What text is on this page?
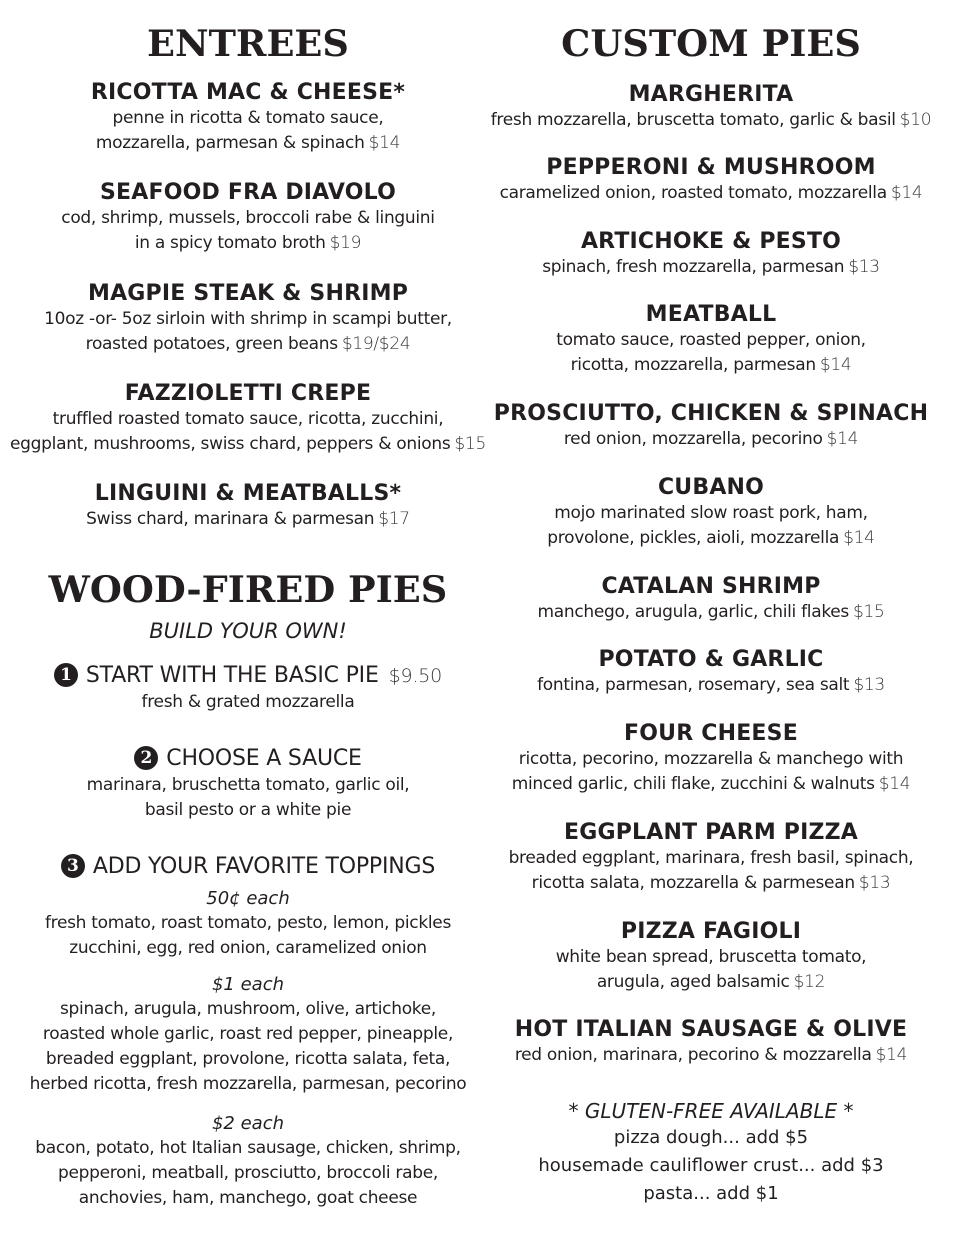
ENTREES
RICOTTA MAC & CHEESE*
penne in ricotta & tomato sauce,
mozzarella, parmesan & spinach $14
SEAFOOD FRA DIAVOLO
cod, shrimp, mussels, broccoli rabe & linguini
in a spicy tomato broth $19
MAGPIE STEAK & SHRIMP
10oz -or- 5oz sirloin with shrimp in scampi butter,
roasted potatoes, green beans $19/$24
FAZZIOLETTI CREPE
truffled roasted tomato sauce, ricotta, zucchini,
eggplant, mushrooms, swiss chard, peppers & onions $15
LINGUINI & MEATBALLS*
Swiss chard, marinara & parmesan $17
WOOD-FIRED PIES
BUILD YOUR OWN!
1 START WITH THE BASIC PIE $9.50
fresh & grated mozzarella
2 CHOOSE A SAUCE
marinara, bruschetta tomato, garlic oil,
basil pesto or a white pie
3 ADD YOUR FAVORITE TOPPINGS
50¢ each
fresh tomato, roast tomato, pesto, lemon, pickles
zucchini, egg, red onion, caramelized onion
$1 each
spinach, arugula, mushroom, olive, artichoke,
roasted whole garlic, roast red pepper, pineapple,
breaded eggplant, provolone, ricotta salata, feta,
herbed ricotta, fresh mozzarella, parmesan, pecorino
$2 each
bacon, potato, hot Italian sausage, chicken, shrimp,
pepperoni, meatball, prosciutto, broccoli rabe,
anchovies, ham, manchego, goat cheese
CUSTOM PIES
MARGHERITA
fresh mozzarella, bruscetta tomato, garlic & basil $10
PEPPERONI & MUSHROOM
caramelized onion, roasted tomato, mozzarella $14
ARTICHOKE & PESTO
spinach, fresh mozzarella, parmesan $13
MEATBALL
tomato sauce, roasted pepper, onion,
ricotta, mozzarella, parmesan $14
PROSCIUTTO, CHICKEN & SPINACH
red onion, mozzarella, pecorino $14
CUBANO
mojo marinated slow roast pork, ham,
provolone, pickles, aioli, mozzarella $14
CATALAN SHRIMP
manchego, arugula, garlic, chili flakes $15
POTATO & GARLIC
fontina, parmesan, rosemary, sea salt $13
FOUR CHEESE
ricotta, pecorino, mozzarella & manchego with
minced garlic, chili flake, zucchini & walnuts $14
EGGPLANT PARM PIZZA
breaded eggplant, marinara, fresh basil, spinach,
ricotta salata, mozzarella & parmesean $13
PIZZA FAGIOLI
white bean spread, bruscetta tomato,
arugula, aged balsamic $12
HOT ITALIAN SAUSAGE & OLIVE
red onion, marinara, pecorino & mozzarella $14
* GLUTEN-FREE AVAILABLE *
pizza dough... add $5
housemade cauliflower crust... add $3
pasta... add $1
